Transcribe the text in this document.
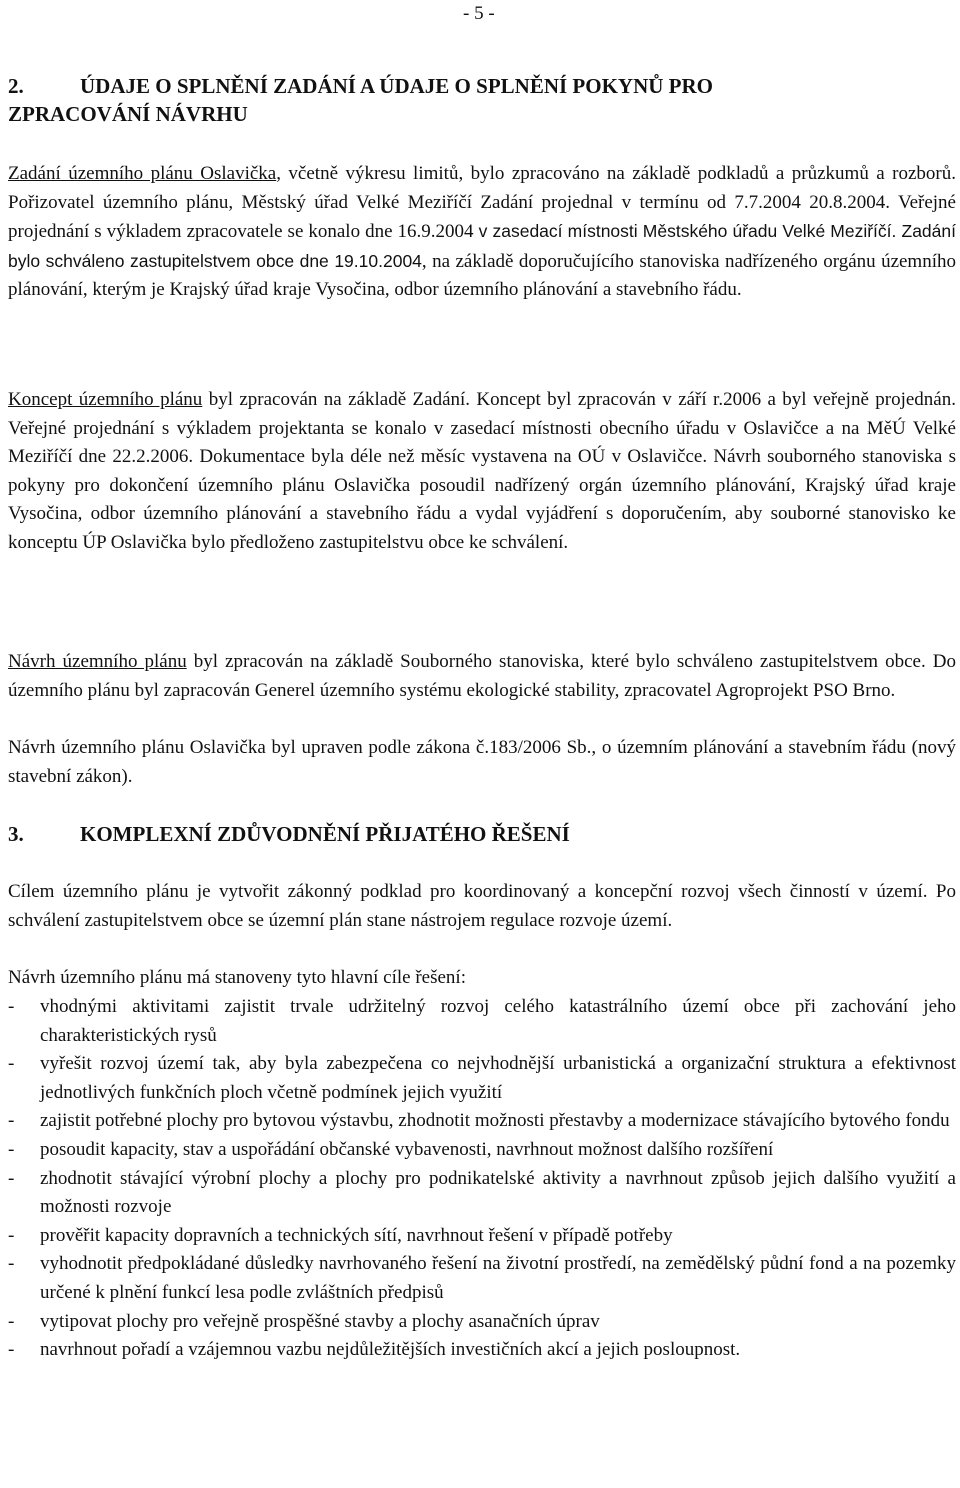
- 5 -
2.	ÚDAJE O SPLNĚNÍ ZADÁNÍ A ÚDAJE O SPLNĚNÍ POKYNŮ PRO
ZPRACOVÁNÍ NÁVRHU
Zadání územního plánu Oslavička, včetně výkresu limitů, bylo zpracováno na základě podkladů a průzkumů a rozborů. Pořizovatel územního plánu, Městský úřad Velké Meziříčí Zadání projednal v termínu od 7.7.2004 20.8.2004. Veřejné projednání s výkladem zpracovatele se konalo dne 16.9.2004 v zasedací místnosti Městského úřadu Velké Meziříčí. Zadání bylo schváleno zastupitelstvem obce dne 19.10.2004, na základě doporučujícího stanoviska nadřízeného orgánu územního plánování, kterým je Krajský úřad kraje Vysočina, odbor územního plánování a stavebního řádu.
Koncept územního plánu byl zpracován na základě Zadání. Koncept byl zpracován v září r.2006 a byl veřejně projednán. Veřejné projednání s výkladem projektanta se konalo v zasedací místnosti obecního úřadu v Oslavičce a na MěÚ Velké Meziříčí dne 22.2.2006. Dokumentace byla déle než měsíc vystavena na OÚ v Oslavičce. Návrh souborného stanoviska s pokyny pro dokončení územního plánu Oslavička posoudil nadřízený orgán územního plánování, Krajský úřad kraje Vysočina, odbor územního plánování a stavebního řádu a vydal vyjádření s doporučením, aby souborné stanovisko ke konceptu ÚP Oslavička bylo předloženo zastupitelstvu obce ke schválení.
Návrh územního plánu byl zpracován na základě Souborného stanoviska, které bylo schváleno zastupitelstvem obce. Do územního plánu byl zapracován Generel územního systému ekologické stability, zpracovatel Agroprojekt PSO Brno.
Návrh územního plánu Oslavička byl upraven podle zákona č.183/2006 Sb., o územním plánování a stavebním řádu (nový stavební zákon).
3.	KOMPLEXNÍ ZDŮVODNĚNÍ PŘIJATÉHO ŘEŠENÍ
Cílem územního plánu je vytvořit zákonný podklad pro koordinovaný a koncepční rozvoj všech činností v území. Po schválení zastupitelstvem obce se územní plán stane nástrojem regulace rozvoje území.
Návrh územního plánu má stanoveny tyto hlavní cíle řešení:
- vhodnými aktivitami zajistit trvale udržitelný rozvoj celého katastrálního území obce při zachování jeho charakteristických rysů
- vyřešit rozvoj území tak, aby byla zabezpečena co nejvhodnější urbanistická a organizační struktura a efektivnost jednotlivých funkčních ploch včetně podmínek jejich využití
- zajistit potřebné plochy pro bytovou výstavbu, zhodnotit možnosti přestavby a modernizace stávajícího bytového fondu
- posoudit kapacity, stav a uspořádání občanské vybavenosti, navrhnout možnost dalšího rozšíření
- zhodnotit stávající výrobní plochy a plochy pro podnikatelské aktivity a navrhnout způsob jejich dalšího využití a možnosti rozvoje
- prověřit kapacity dopravních a technických sítí, navrhnout řešení v případě potřeby
- vyhodnotit předpokládané důsledky navrhovaného řešení na životní prostředí, na zemědělský půdní fond a na pozemky určené k plnění funkcí lesa podle zvláštních předpisů
- vytipovat plochy pro veřejně prospěšné stavby a plochy asanačních úprav
- navrhnout pořadí a vzájemnou vazbu nejdůležitějších investičních akcí a jejich posloupnost.
